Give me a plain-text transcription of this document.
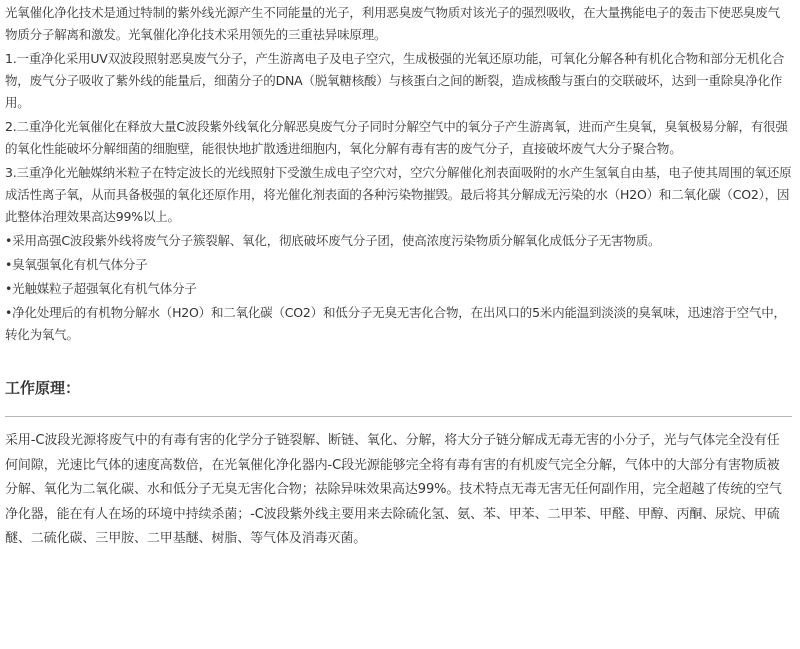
光氧催化净化技术是通过特制的紫外线光源产生不同能量的光子，利用恶臭废气物质对该光子的强烈吸收，在大量携能电子的轰击下使恶臭废气物质分子解离和激发。光氧催化净化技术采用领先的三重祛异味原理。

1.一重净化采用UV双波段照射恶臭废气分子，产生游离电子及电子空穴，生成极强的光氧还原功能，可氧化分解各种有机化合物和部分无机化合物，废气分子吸收了紫外线的能量后，细菌分子的DNA（脱氧糖核酸）与核蛋白之间的断裂，造成核酸与蛋白的交联破坏，达到一重除臭净化作用。

2.二重净化光氧催化在释放大量C波段紫外线氧化分解恶臭废气分子同时分解空气中的氧分子产生游离氧，进而产生臭氧，臭氧极易分解，有很强的氧化性能破坏分解细菌的细胞壁，能很快地扩散透进细胞内，氧化分解有毒有害的废气分子，直接破坏废气大分子聚合物。

3.三重净化光触媒纳米粒子在特定波长的光线照射下受激生成电子空穴对，空穴分解催化剂表面吸附的水产生氢氧自由基，电子使其周围的氧还原成活性离子氧，从而具备极强的氧化还原作用，将光催化剂表面的各种污染物摧毁。最后将其分解成无污染的水（H2O）和二氧化碳（CO2），因此整体治理效果高达99%以上。

•采用高强C波段紫外线将废气分子簇裂解、氧化，彻底破坏废气分子团，使高浓度污染物质分解氧化成低分子无害物质。

•臭氧强氧化有机气体分子

•光触媒粒子超强氧化有机气体分子

•净化处理后的有机物分解水（H2O）和二氧化碳（CO2）和低分子无臭无害化合物，在出风口的5米内能温到淡淡的臭氧味，迅速溶于空气中，转化为氧气。

工作原理：

采用-C波段光源将废气中的有毒有害的化学分子链裂解、断链、氧化、分解，将大分子链分解成无毒无害的小分子，光与气体完全没有任何间隙，光速比气体的速度高数倍，在光氧催化净化器内-C段光源能够完全将有毒有害的有机废气完全分解，气体中的大部分有害物质被分解、氧化为二氧化碳、水和低分子无臭无害化合物；祛除异味效果高达99%。技术特点无毒无害无任何副作用，完全超越了传统的空气净化器，能在有人在场的环境中持续杀菌；-C波段紫外线主要用来去除硫化氢、氨、苯、甲苯、二甲苯、甲醛、甲醇、丙酮、尿烷、甲硫醚、二硫化碳、三甲胺、二甲基醚、树脂、等气体及消毒灭菌。
